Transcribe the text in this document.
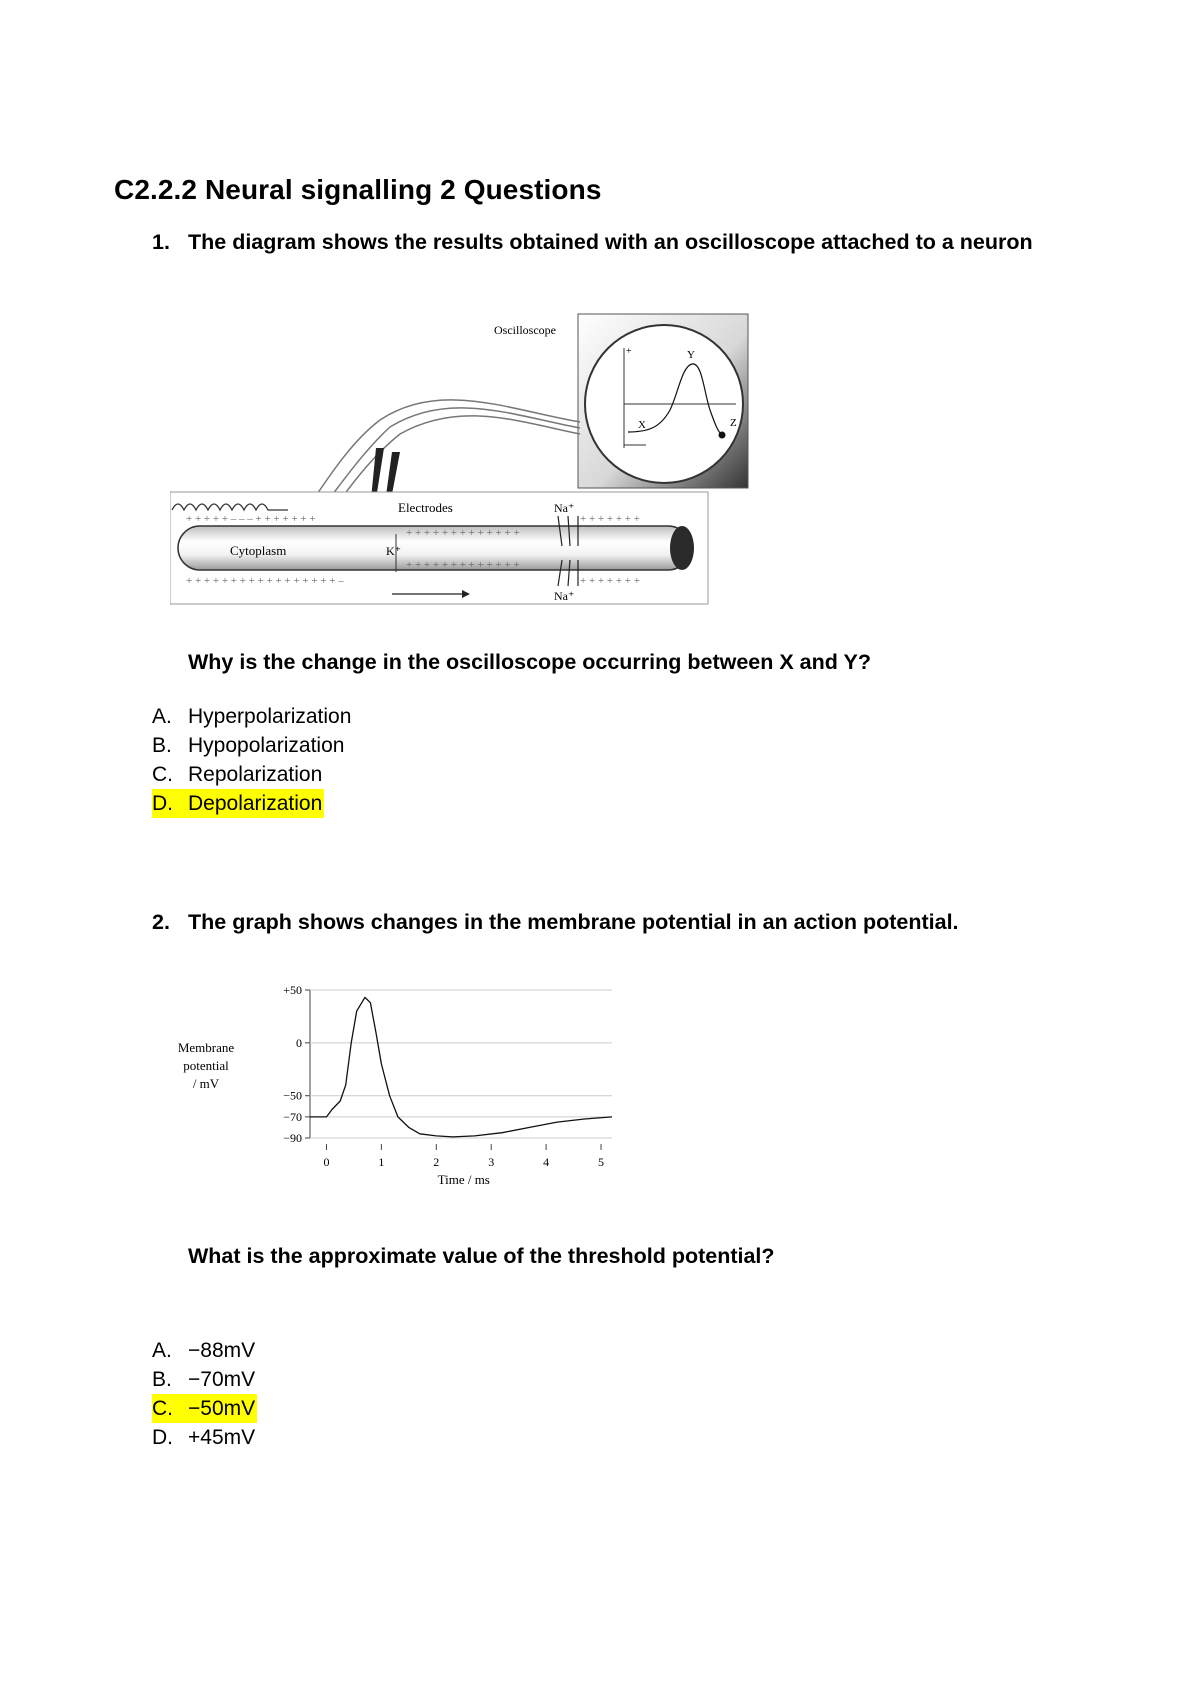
C2.2.2 Neural signalling 2 Questions
1. The diagram shows the results obtained with an oscilloscope attached to a neuron
Oscilloscope
+
X
Y
Z
+ + + + + – – – + + + + + + +
+ + + + + + + + + + + + +
+ + + + + + + + + + + + + + + + + –
+ + + + + + + + + + + + +
+ + + + + + +
+ + + + + + +
Electrodes
Cytoplasm	K⁺
Na⁺
Na⁺
Why is the change in the oscilloscope occurring between X and Y?
A. Hyperpolarization
B. Hypopolarization
C. Repolarization
D. Depolarization
2. The graph shows changes in the membrane potential in an action potential.
+50
0
−50
−70
−90
0	1	2	3	4	5
Time / ms
Membrane
potential
/ mV
What is the approximate value of the threshold potential?
A. −88mV
B. −70mV
C. −50mV
D. +45mV
